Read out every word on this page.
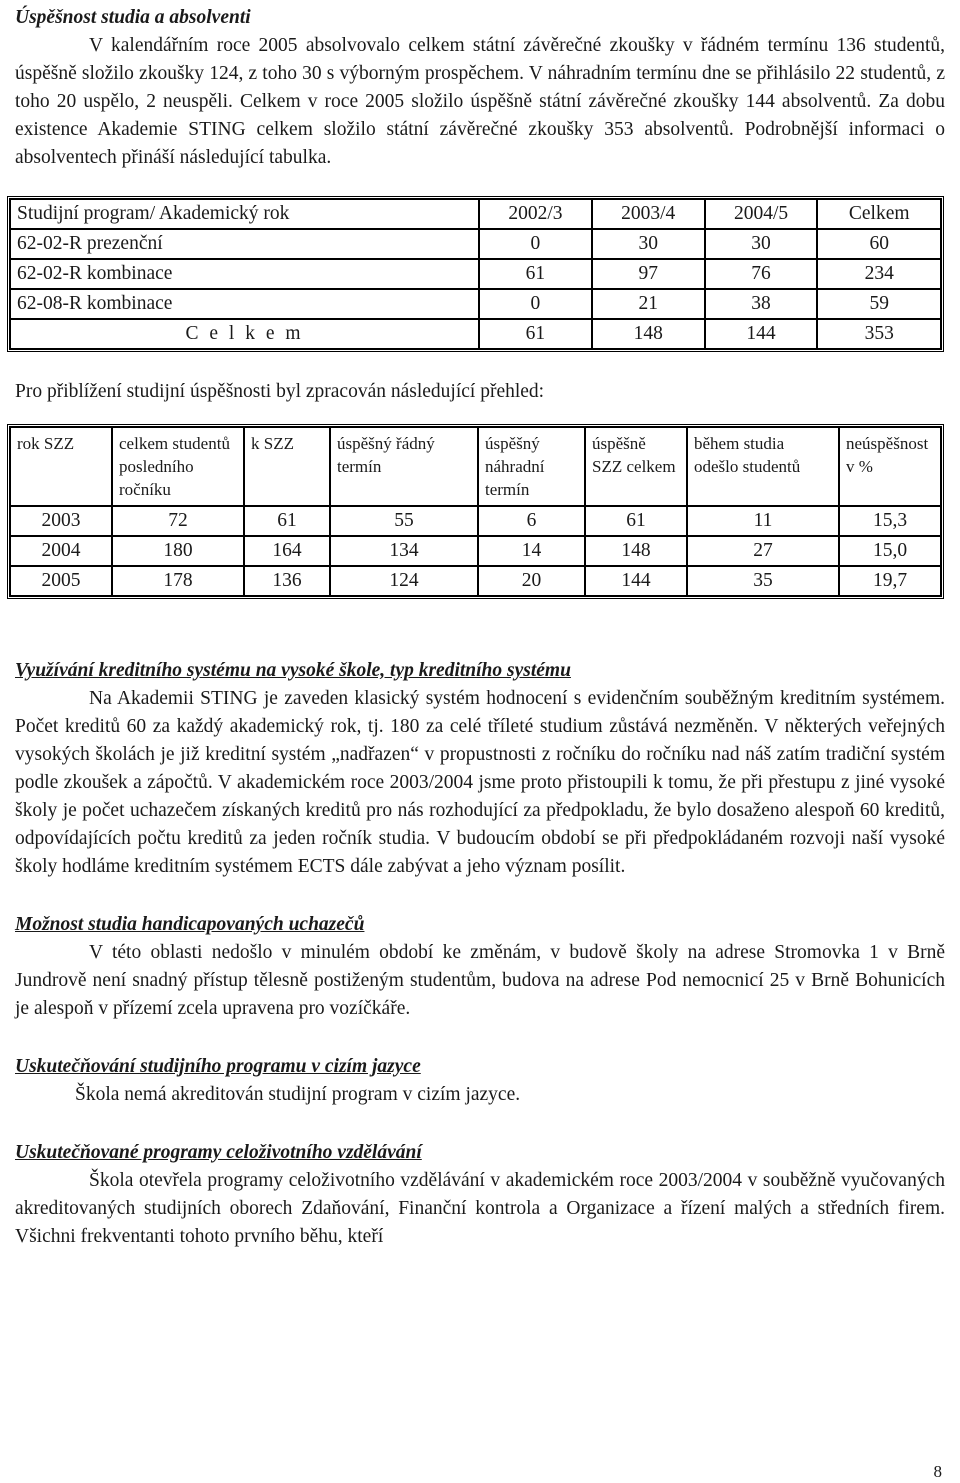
Úspěšnost studia a absolventi

V kalendářním roce 2005 absolvovalo celkem státní závěrečné zkoušky v řádném termínu 136 studentů, úspěšně složilo zkoušky 124, z toho 30 s výborným prospěchem. V náhradním termínu dne se přihlásilo 22 studentů, z toho 20 uspělo, 2 neuspěli. Celkem v roce 2005 složilo úspěšně státní závěrečné zkoušky 144 absolventů. Za dobu existence Akademie STING celkem složilo státní závěrečné zkoušky 353 absolventů. Podrobnější informaci o absolventech přináší následující tabulka.

Studijní program/ Akademický rok	2002/3	2003/4	2004/5	Celkem
62-02-R prezenční	0	30	30	60
62-02-R kombinace	61	97	76	234
62-08-R kombinace	0	21	38	59
C e l k e m	61	148	144	353

Pro přiblížení studijní úspěšnosti byl zpracován následující přehled:

rok SZZ	celkem studentů posledního ročníku	k SZZ	úspěšný řádný termín	úspěšný náhradní termín	úspěšně SZZ celkem	během studia odešlo studentů	neúspěšnost v %
2003	72	61	55	6	61	11	15,3
2004	180	164	134	14	148	27	15,0
2005	178	136	124	20	144	35	19,7
Využívání kreditního systému na vysoké škole, typ kreditního systému

Na Akademii STING je zaveden klasický systém hodnocení s evidenčním souběžným kreditním systémem. Počet kreditů 60 za každý akademický rok, tj. 180 za celé tříleté studium zůstává nezměněn. V některých veřejných vysokých školách je již kreditní systém „nadřazen“ v propustnosti z ročníku do ročníku nad náš zatím tradiční systém podle zkoušek a zápočtů. V akademickém roce 2003/2004 jsme proto přistoupili k tomu, že při přestupu z jiné vysoké školy je počet uchazečem získaných kreditů pro nás rozhodující za předpokladu, že bylo dosaženo alespoň 60 kreditů, odpovídajících počtu kreditů za jeden ročník studia. V budoucím období se při předpokládaném rozvoji naší vysoké školy hodláme kreditním systémem ECTS dále zabývat a jeho význam posílit.

Možnost studia handicapovaných uchazečů

V této oblasti nedošlo v minulém období ke změnám, v budově školy na adrese Stromovka 1 v Brně Jundrově není snadný přístup tělesně postiženým studentům, budova na adrese Pod nemocnicí 25 v Brně Bohunicích je alespoň v přízemí zcela upravena pro vozíčkáře.

Uskutečňování studijního programu v cizím jazyce

Škola nemá akreditován studijní program v cizím jazyce.

Uskutečňované programy celoživotního vzdělávání

Škola otevřela programy celoživotního vzdělávání v akademickém roce 2003/2004 v souběžně vyučovaných akreditovaných studijních oborech Zdaňování, Finanční kontrola a Organizace a řízení malých a středních firem. Všichni frekventanti tohoto prvního běhu, kteří

8
